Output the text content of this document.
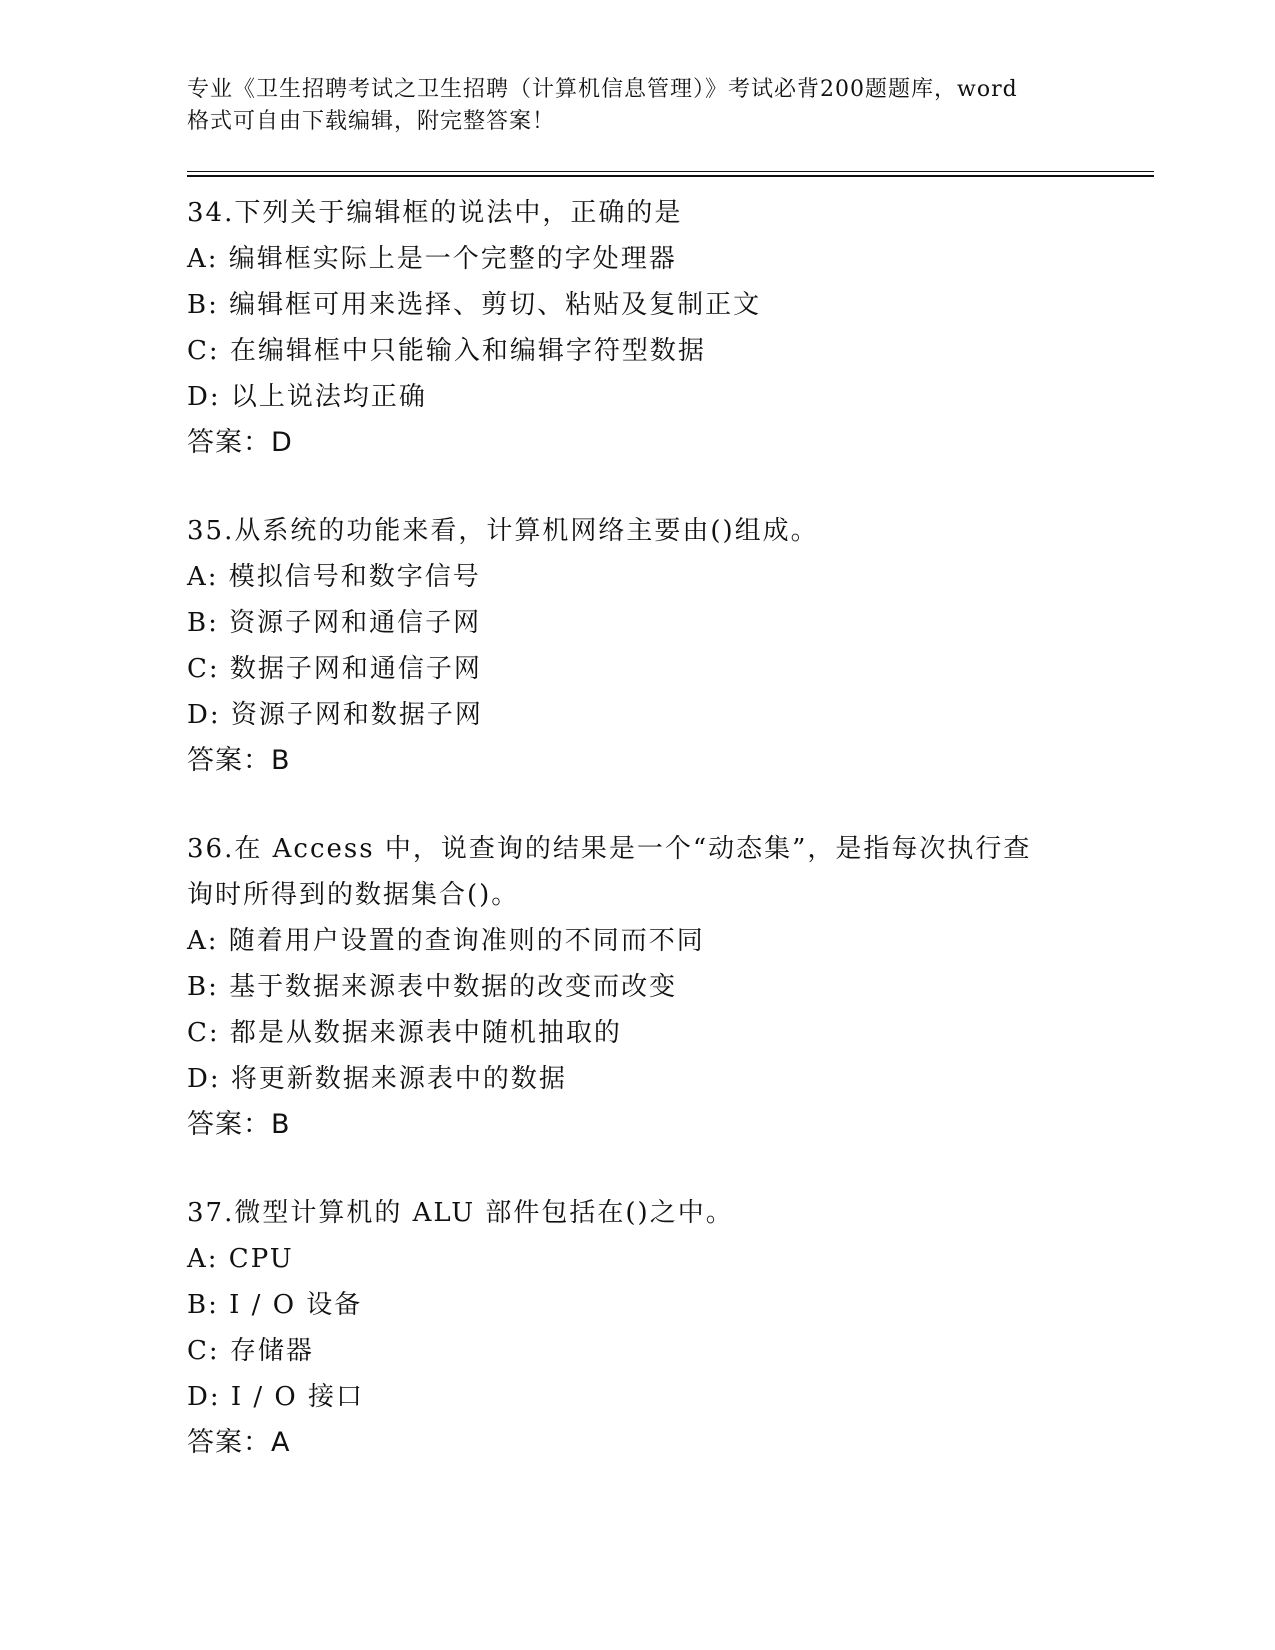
专业《卫生招聘考试之卫生招聘（计算机信息管理）》考试必背200题题库，word
格式可自由下载编辑，附完整答案！
34.下列关于编辑框的说法中，正确的是
A: 编辑框实际上是一个完整的字处理器
B: 编辑框可用来选择、剪切、粘贴及复制正文
C: 在编辑框中只能输入和编辑字符型数据
D: 以上说法均正确
答案：D
35.从系统的功能来看，计算机网络主要由()组成。
A: 模拟信号和数字信号
B: 资源子网和通信子网
C: 数据子网和通信子网
D: 资源子网和数据子网
答案：B
36.在 Access 中，说查询的结果是一个“动态集”，是指每次执行查
询时所得到的数据集合()。
A: 随着用户设置的查询准则的不同而不同
B: 基于数据来源表中数据的改变而改变
C: 都是从数据来源表中随机抽取的
D: 将更新数据来源表中的数据
答案：B
37.微型计算机的 ALU 部件包括在()之中。
A: CPU
B: I / O 设备
C: 存储器
D: I / O 接口
答案：A
